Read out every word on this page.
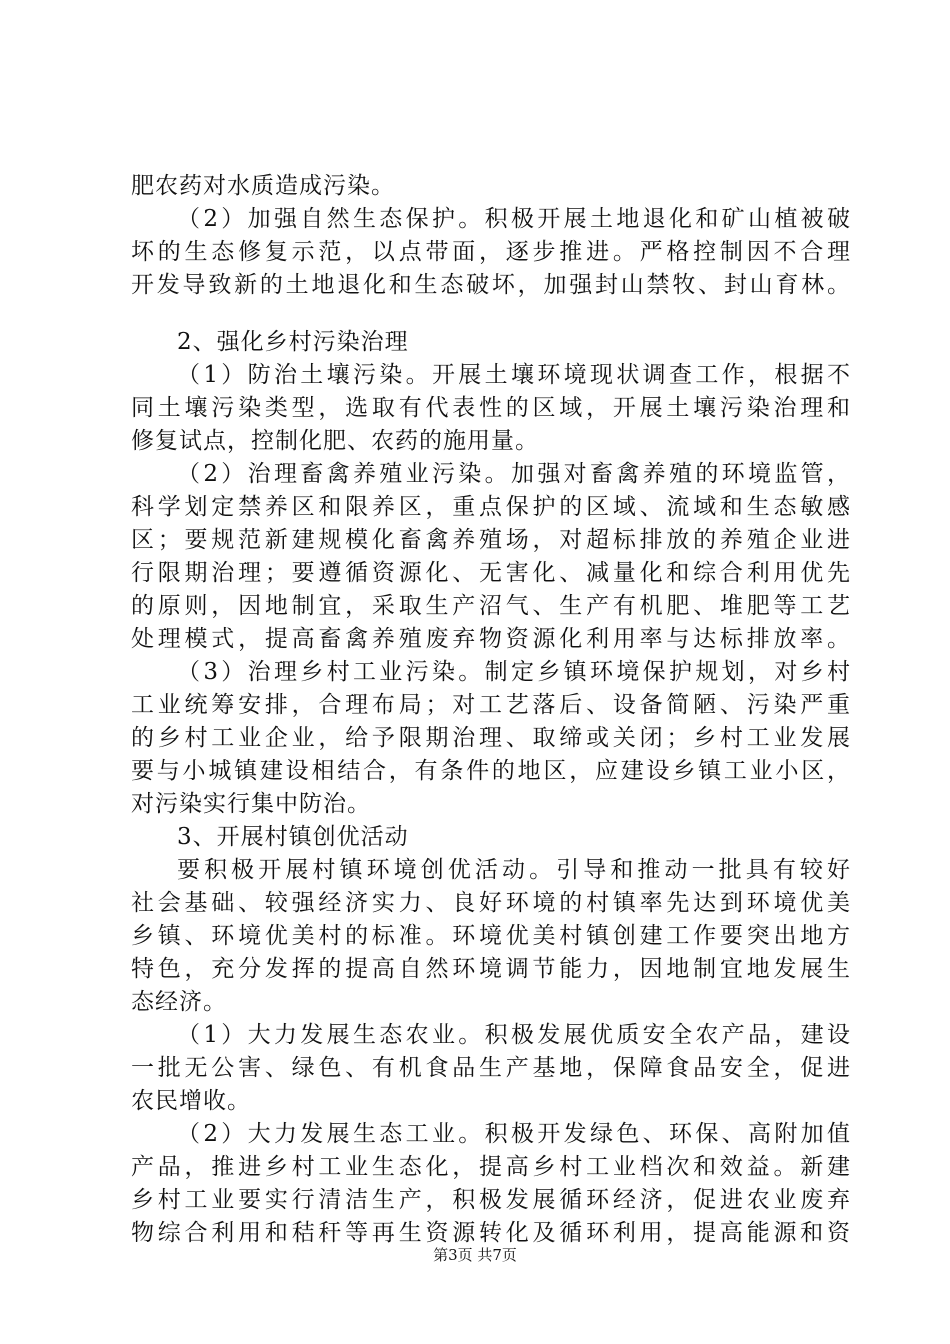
肥农药对水质造成污染。
（2）加强自然生态保护。积极开展土地退化和矿山植被破
坏的生态修复示范，以点带面，逐步推进。严格控制因不合理
开发导致新的土地退化和生态破坏，加强封山禁牧、封山育林。
2、强化乡村污染治理
（1）防治土壤污染。开展土壤环境现状调查工作，根据不
同土壤污染类型，选取有代表性的区域，开展土壤污染治理和
修复试点，控制化肥、农药的施用量。
（2）治理畜禽养殖业污染。加强对畜禽养殖的环境监管，
科学划定禁养区和限养区，重点保护的区域、流域和生态敏感
区；要规范新建规模化畜禽养殖场，对超标排放的养殖企业进
行限期治理；要遵循资源化、无害化、减量化和综合利用优先
的原则，因地制宜，采取生产沼气、生产有机肥、堆肥等工艺
处理模式，提高畜禽养殖废弃物资源化利用率与达标排放率。
（3）治理乡村工业污染。制定乡镇环境保护规划，对乡村
工业统筹安排，合理布局；对工艺落后、设备简陋、污染严重
的乡村工业企业，给予限期治理、取缔或关闭；乡村工业发展
要与小城镇建设相结合，有条件的地区，应建设乡镇工业小区，
对污染实行集中防治。
3、开展村镇创优活动
要积极开展村镇环境创优活动。引导和推动一批具有较好
社会基础、较强经济实力、良好环境的村镇率先达到环境优美
乡镇、环境优美村的标准。环境优美村镇创建工作要突出地方
特色，充分发挥的提高自然环境调节能力，因地制宜地发展生
态经济。
（1）大力发展生态农业。积极发展优质安全农产品，建设
一批无公害、绿色、有机食品生产基地，保障食品安全，促进
农民增收。
（2）大力发展生态工业。积极开发绿色、环保、高附加值
产品，推进乡村工业生态化，提高乡村工业档次和效益。新建
乡村工业要实行清洁生产，积极发展循环经济，促进农业废弃
物综合利用和秸秆等再生资源转化及循环利用，提高能源和资
第3页 共7页
